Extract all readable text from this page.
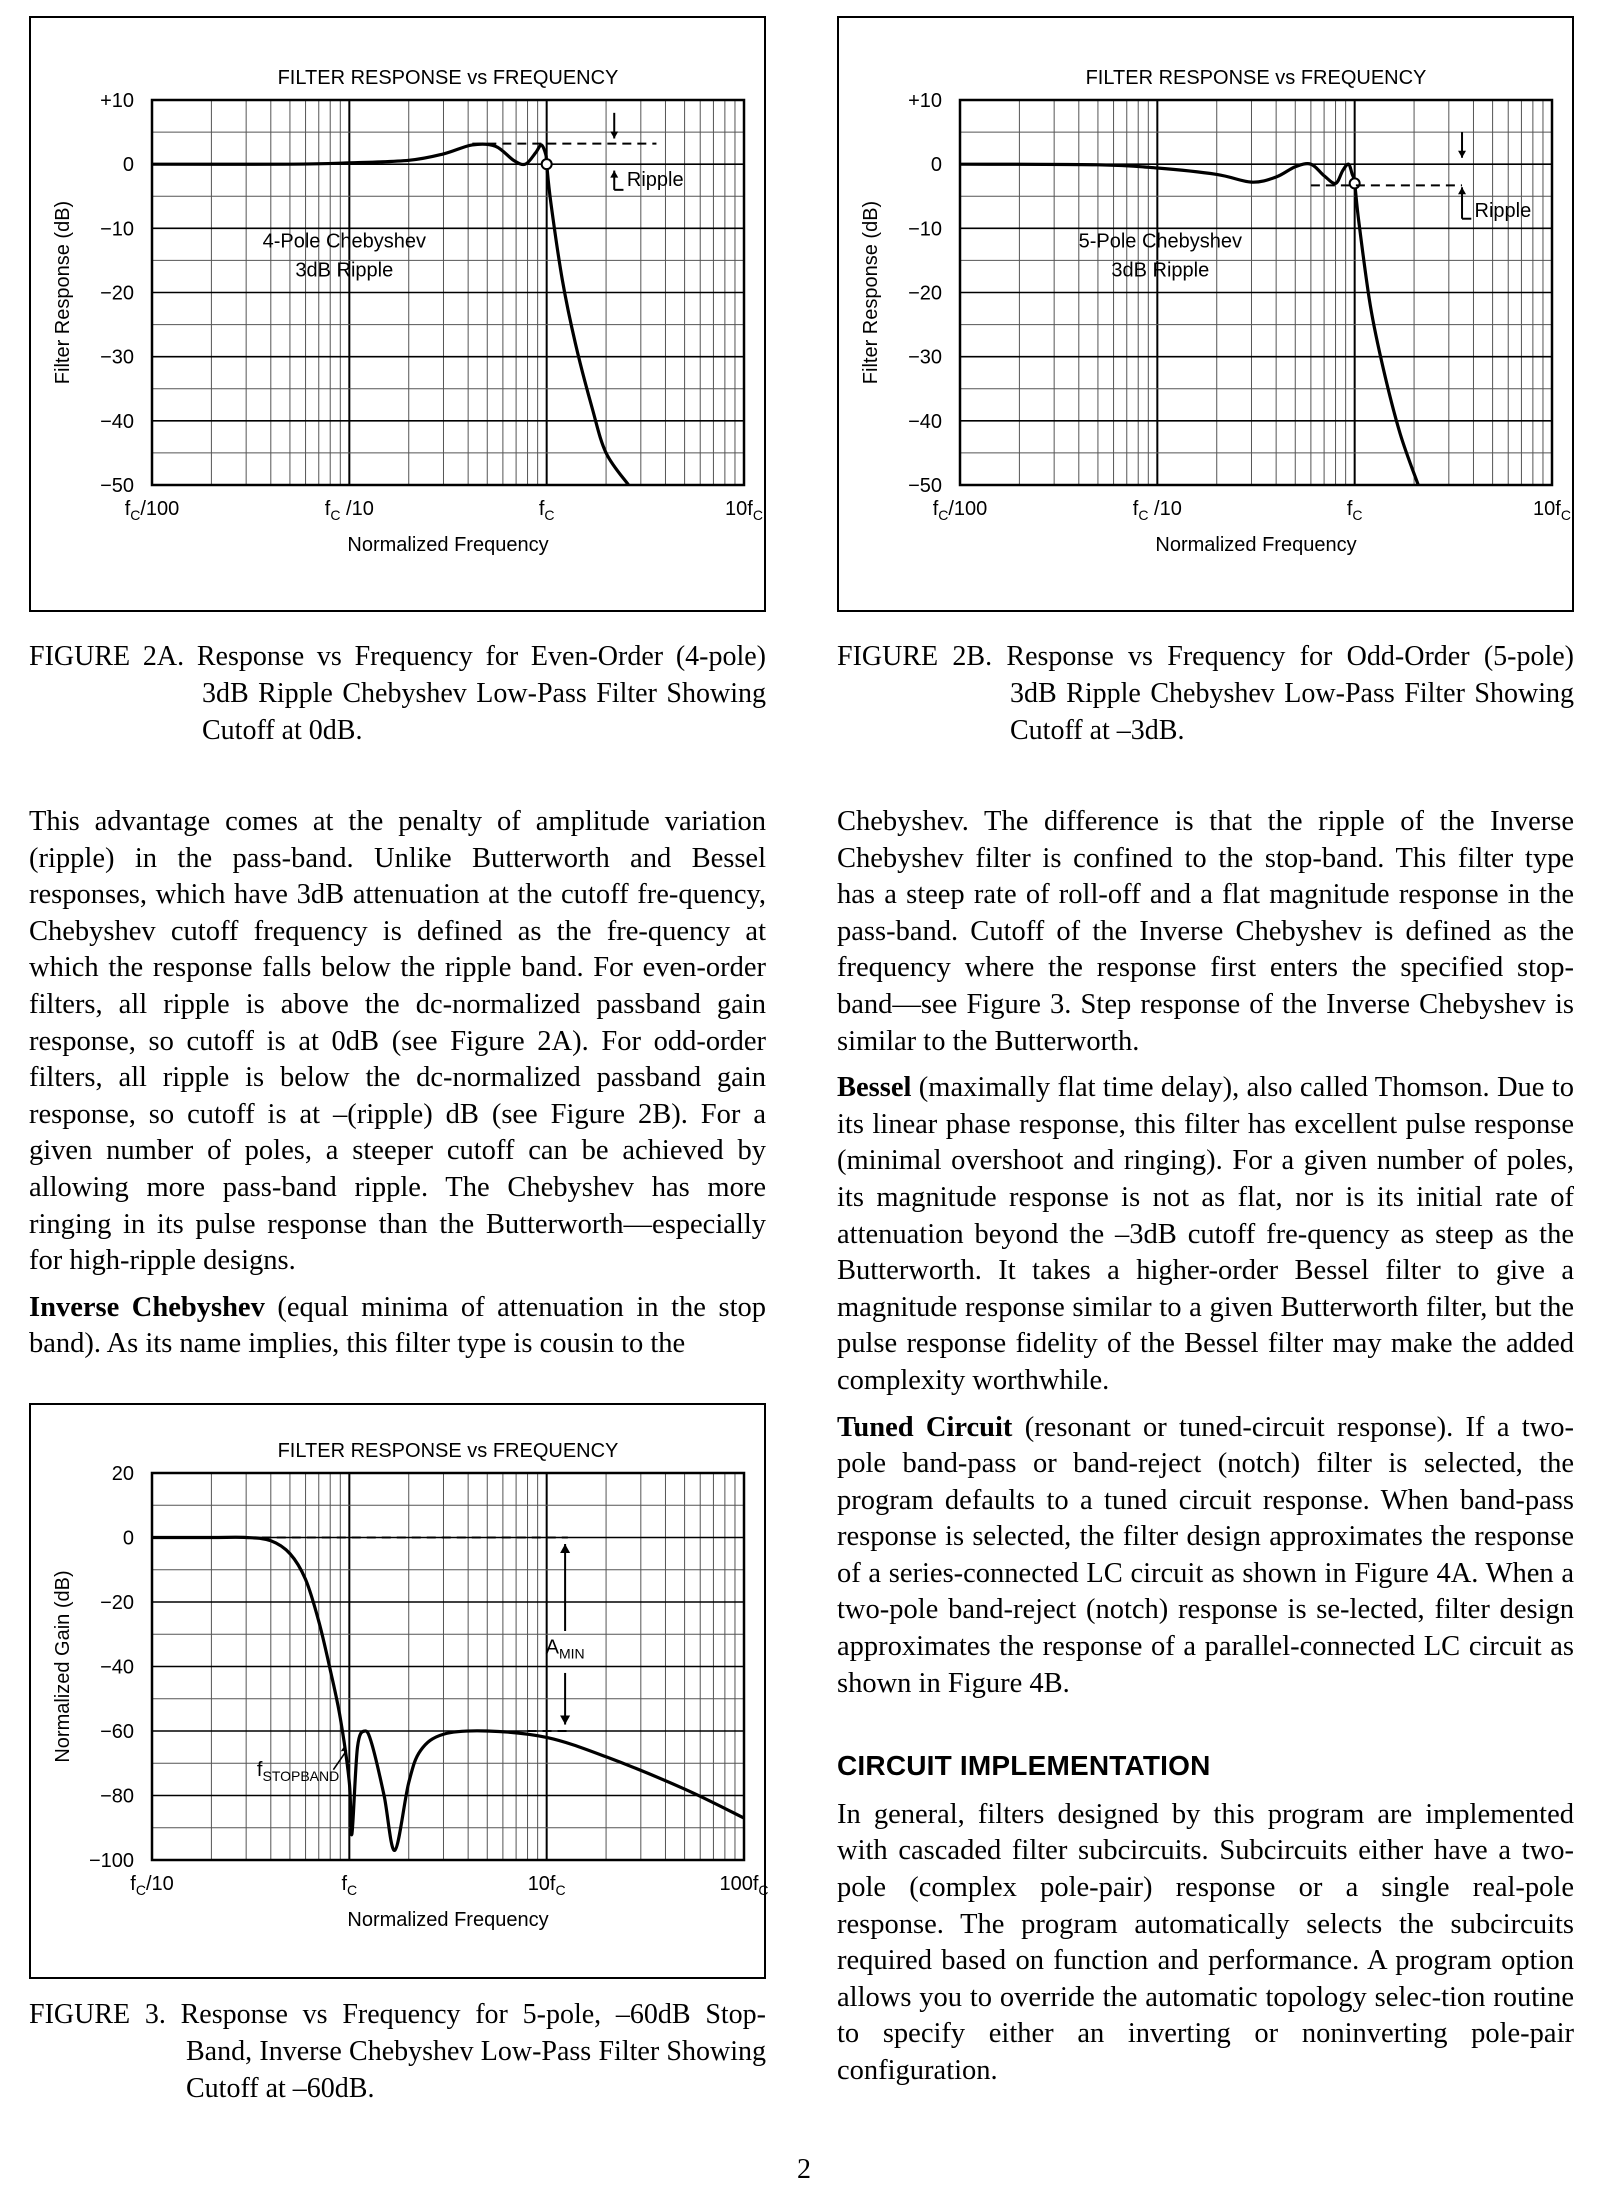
FILTER RESPONSE vs FREQUENCY
+10
0
−10
−20
−30
−40
−50
$f_C/100$	$f_C$ /10	$f_C$	$10f_C$
Normalized Frequency
Filter Response (dB)	4-Pole Chebyshev
3dB Ripple
Ripple
FILTER RESPONSE vs FREQUENCY
+10
0
−10
−20
−30
−40
−50
$f_C/100$	$f_C$ /10	$f_C$	$10f_C$
Normalized Frequency
Filter Response (dB)	5-Pole Chebyshev
3dB Ripple
Ripple
FIGURE 2A. Response vs Frequency for Even-Order (4-pole) 3dB Ripple Chebyshev Low-Pass Filter Showing Cutoff at 0dB.
FIGURE 2B. Response vs Frequency for Odd-Order (5-pole) 3dB Ripple Chebyshev Low-Pass Filter Showing Cutoff at –3dB.

This advantage comes at the penalty of amplitude variation (ripple) in the pass-band. Unlike Butterworth and Bessel responses, which have 3dB attenuation at the cutoff fre-quency, Chebyshev cutoff frequency is defined as the fre-quency at which the response falls below the ripple band. For even-order filters, all ripple is above the dc-normalized passband gain response, so cutoff is at 0dB (see Figure 2A). For odd-order filters, all ripple is below the dc-normalized passband gain response, so cutoff is at –(ripple) dB (see Figure 2B). For a given number of poles, a steeper cutoff can be achieved by allowing more pass-band ripple. The Chebyshev has more ringing in its pulse response than the Butterworth—especially for high-ripple designs.

Inverse Chebyshev (equal minima of attenuation in the stop band). As its name implies, this filter type is cousin to the

FILTER RESPONSE vs FREQUENCY
20
0
−20
−40
−60
−80
−100
$f_C/10$	$f_C$	$10f_C$	$100f_C$
Normalized Frequency
Normalized Gain (dB)	$A_{MIN}$
$f_{STOPBAND}$
FIGURE 3. Response vs Frequency for 5-pole, –60dB Stop-Band, Inverse Chebyshev Low-Pass Filter Showing Cutoff at –60dB.

Chebyshev. The difference is that the ripple of the Inverse Chebyshev filter is confined to the stop-band. This filter type has a steep rate of roll-off and a flat magnitude response in the pass-band. Cutoff of the Inverse Chebyshev is defined as the frequency where the response first enters the specified stop-band—see Figure 3. Step response of the Inverse Chebyshev is similar to the Butterworth.

Bessel (maximally flat time delay), also called Thomson. Due to its linear phase response, this filter has excellent pulse response (minimal overshoot and ringing). For a given number of poles, its magnitude response is not as flat, nor is its initial rate of attenuation beyond the –3dB cutoff fre-quency as steep as the Butterworth. It takes a higher-order Bessel filter to give a magnitude response similar to a given Butterworth filter, but the pulse response fidelity of the Bessel filter may make the added complexity worthwhile.

Tuned Circuit (resonant or tuned-circuit response). If a two-pole band-pass or band-reject (notch) filter is selected, the program defaults to a tuned circuit response. When band-pass response is selected, the filter design approximates the response of a series-connected LC circuit as shown in Figure 4A. When a two-pole band-reject (notch) response is se-lected, filter design approximates the response of a parallel-connected LC circuit as shown in Figure 4B.

CIRCUIT IMPLEMENTATION

In general, filters designed by this program are implemented with cascaded filter subcircuits. Subcircuits either have a two-pole (complex pole-pair) response or a single real-pole response. The program automatically selects the subcircuits required based on function and performance. A program option allows you to override the automatic topology selec-tion routine to specify either an inverting or noninverting pole-pair configuration.

2
